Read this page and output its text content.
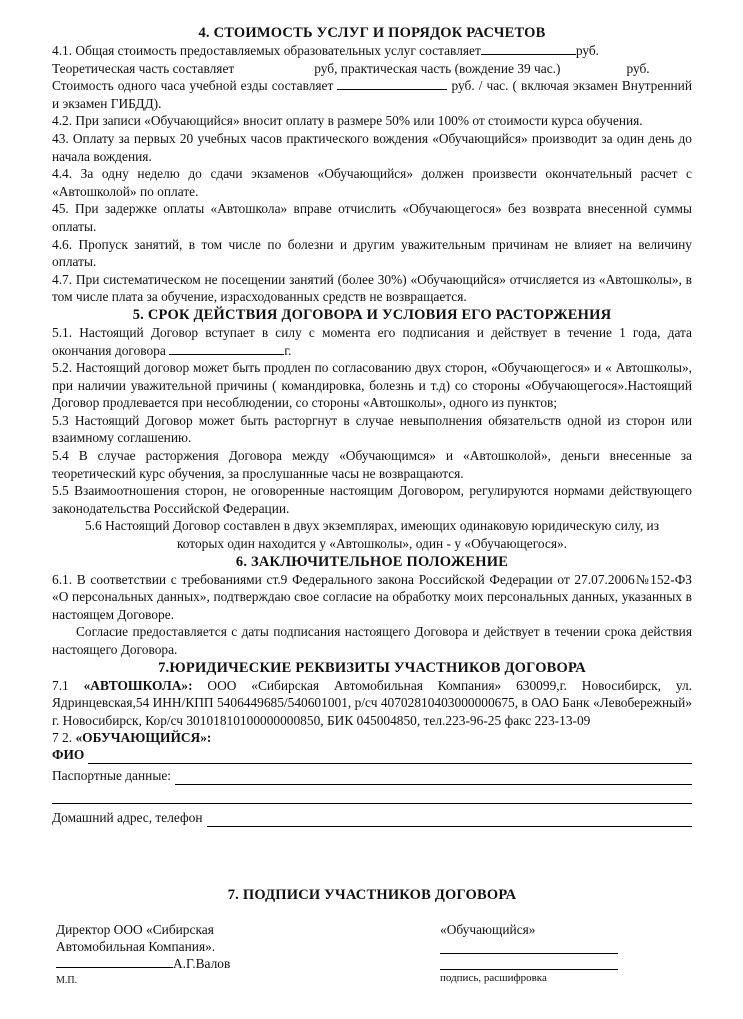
4. СТОИМОСТЬ УСЛУГ И ПОРЯДОК РАСЧЕТОВ

4.1. Общая стоимость предоставляемых образовательных услуг составляет	руб.
Теоретическая часть составляет	руб, практическая часть (вождение 39 час.)	руб.
Стоимость одного часа учебной езды составляет	руб. / час. ( включая экзамен Внутренний и экзамен ГИБДД).

4.2. При записи «Обучающийся» вносит оплату в размере 50% или 100% от стоимости курса обучения.

43. Оплату за первых 20 учебных часов практического вождения «Обучающийся» производит за один день до начала вождения.

4.4. За одну неделю до сдачи экзаменов «Обучающийся» должен произвести окончательный расчет с «Автошколой» по оплате.

45. При задержке оплаты «Автошкола» вправе отчислить «Обучающегося» без возврата внесенной суммы оплаты.

4.6. Пропуск занятий, в том числе по болезни и другим уважительным причинам не влияет на величину оплаты.

4.7. При систематическом не посещении занятий (более 30%) «Обучающийся» отчисляется из «Автошколы», в том числе плата за обучение, израсходованных средств не возвращается.

5. СРОК ДЕЙСТВИЯ ДОГОВОРА И УСЛОВИЯ ЕГО РАСТОРЖЕНИЯ

5.1. Настоящий Договор вступает в силу с момента его подписания и действует в течение 1 года, дата окончания договора	г.

5.2. Настоящий договор может быть продлен по согласованию двух сторон, «Обучающегося» и « Автошколы», при наличии уважительной причины ( командировка, болезнь и т.д) со стороны «Обучающегося».Настоящий Договор продлевается при несоблюдении, со стороны «Автошколы», одного из пунктов;

5.3 Настоящий Договор может быть расторгнут в случае невыполнения обязательств одной из сторон или взаимному соглашению.

5.4 В случае расторжения Договора между «Обучающимся» и «Автошколой», деньги внесенные за теоретический курс обучения, за прослушанные часы не возвращаются.

5.5 Взаимоотношения сторон, не оговоренные настоящим Договором, регулируются нормами действующего законодательства Российской Федерации.

5.6 Настоящий Договор составлен в двух экземплярах, имеющих одинаковую юридическую силу, из которых один находится у «Автошколы», один - у «Обучающегося».

6. ЗАКЛЮЧИТЕЛЬНОЕ ПОЛОЖЕНИЕ

6.1. В соответствии с требованиями ст.9 Федерального закона Российской Федерации от 27.07.2006№152-ФЗ «О персональных данных», подтверждаю свое согласие на обработку моих персональных данных, указанных в настоящем Договоре.

Согласие предоставляется с даты подписания настоящего Договора и действует в течении срока действия настоящего Договора.

7.ЮРИДИЧЕСКИЕ РЕКВИЗИТЫ УЧАСТНИКОВ ДОГОВОРА

7.1 «АВТОШКОЛА»: ООО «Сибирская Автомобильная Компания» 630099,г. Новосибирск, ул. Ядринцевская,54 ИНН/КПП 5406449685/540601001, р/сч 40702810403000000675, в ОАО Банк «Левобережный» г. Новосибирск, Кор/сч 30101810100000000850, БИК 045004850, тел.223-96-25 факс 223-13-09

7 2. «ОБУЧАЮЩИЙСЯ»:

ФИО
Паспортные данные:
Домашний адрес, телефон
7. ПОДПИСИ УЧАСТНИКОВ ДОГОВОРА
Директор ООО «Сибирская
Автомобильная Компания».
А.Г.Валов
М.П.
«Обучающийся»
подпись, расшифровка
